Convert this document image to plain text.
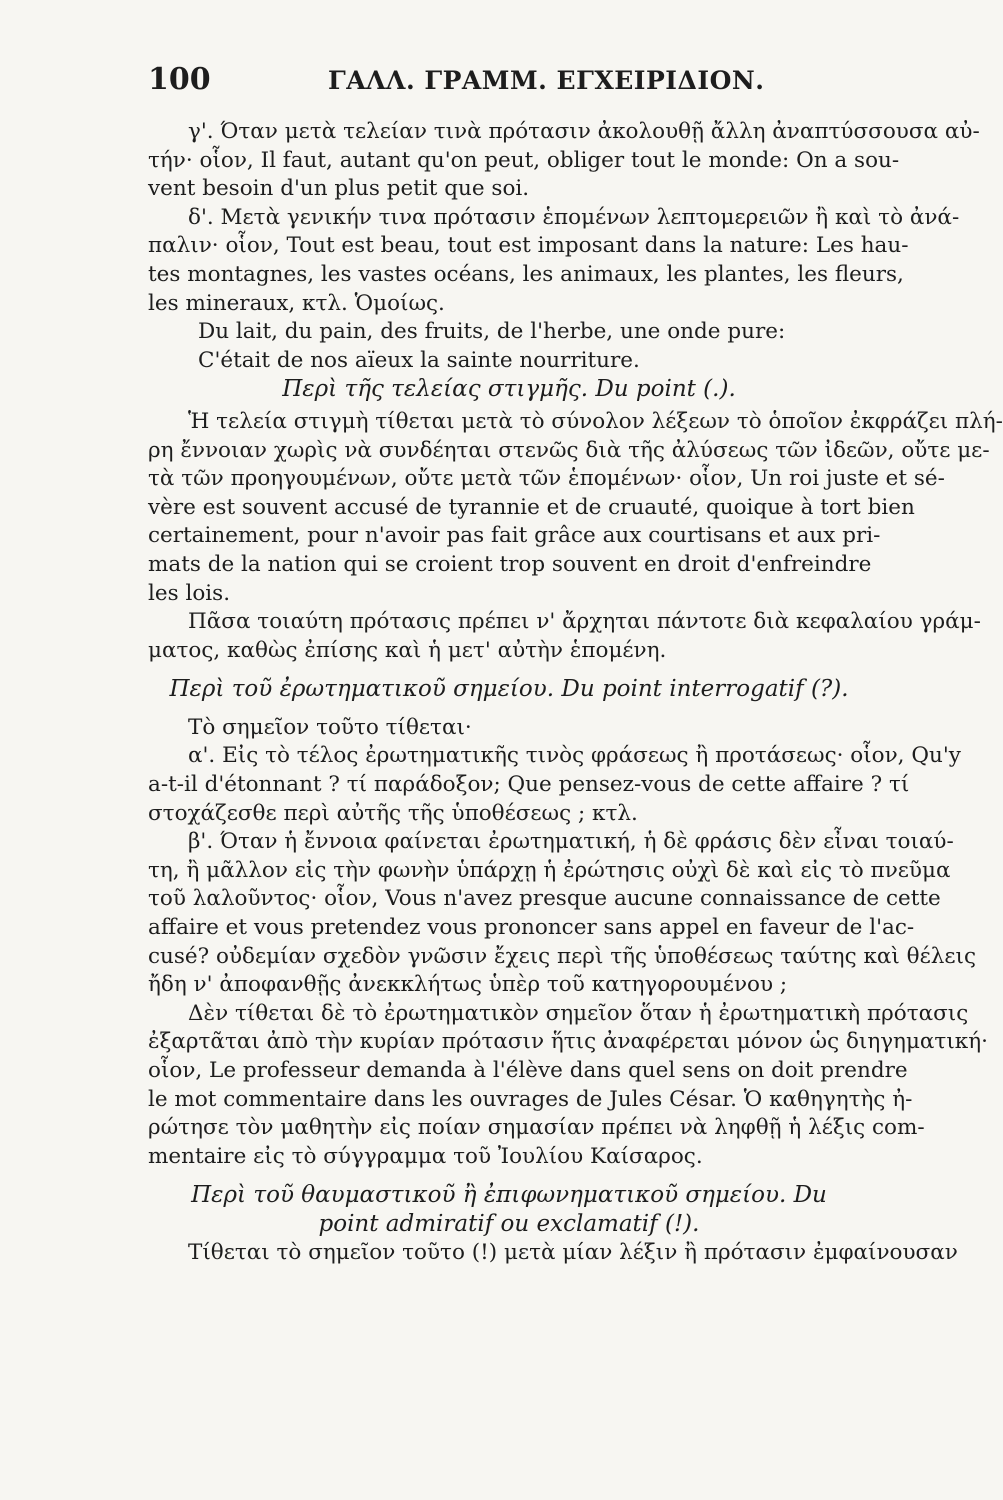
100	ΓΑΛΛ. ΓΡΑΜΜ. ΕΓΧΕΙΡΙΔΙΟΝ.
γ'. Όταν μετὰ τελείαν τινὰ πρότασιν ἀκολουθῇ ἄλλη ἀναπτύσσουσα αὐ-
τήν· οἷον, Il faut, autant qu'on peut, obliger tout le monde: On a sou-
vent besoin d'un plus petit que soi.
δ'. Μετὰ γενικήν τινα πρότασιν ἑπομένων λεπτομερειῶν ἢ καὶ τὸ ἀνά-
παλιν· οἷον, Tout est beau, tout est imposant dans la nature: Les hau-
tes montagnes, les vastes océans, les animaux, les plantes, les fleurs,
les mineraux, κτλ. Ὁμοίως.
Du lait, du pain, des fruits, de l'herbe, une onde pure:
C'était de nos aïeux la sainte nourriture.
Περὶ τῆς τελείας στιγμῆς. Du point (.).
Ἡ τελεία στιγμὴ τίθεται μετὰ τὸ σύνολον λέξεων τὸ ὁποῖον ἐκφράζει πλή-
ρη ἔννοιαν χωρὶς νὰ συνδέηται στενῶς διὰ τῆς ἀλύσεως τῶν ἰδεῶν, οὔτε με-
τὰ τῶν προηγουμένων, οὔτε μετὰ τῶν ἑπομένων· οἷον, Un roi juste et sé-
vère est souvent accusé de tyrannie et de cruauté, quoique à tort bien
certainement, pour n'avoir pas fait grâce aux courtisans et aux pri-
mats de la nation qui se croient trop souvent en droit d'enfreindre
les lois.
Πᾶσα τοιαύτη πρότασις πρέπει ν' ἄρχηται πάντοτε διὰ κεφαλαίου γράμ-
ματος, καθὼς ἐπίσης καὶ ἡ μετ' αὐτὴν ἑπομένη.
Περὶ τοῦ ἐρωτηματικοῦ σημείου. Du point interrogatif (?).
Τὸ σημεῖον τοῦτο τίθεται·
α'. Εἰς τὸ τέλος ἐρωτηματικῆς τινὸς φράσεως ἢ προτάσεως· οἷον, Qu'y
a-t-il d'étonnant ? τί παράδοξον; Que pensez-vous de cette affaire ? τί
στοχάζεσθε περὶ αὐτῆς τῆς ὑποθέσεως ; κτλ.
β'. Όταν ἡ ἔννοια φαίνεται ἐρωτηματική, ἡ δὲ φράσις δὲν εἶναι τοιαύ-
τη, ἢ μᾶλλον εἰς τὴν φωνὴν ὑπάρχῃ ἡ ἐρώτησις οὐχὶ δὲ καὶ εἰς τὸ πνεῦμα
τοῦ λαλοῦντος· οἷον, Vous n'avez presque aucune connaissance de cette
affaire et vous pretendez vous prononcer sans appel en faveur de l'ac-
cusé? οὐδεμίαν σχεδὸν γνῶσιν ἔχεις περὶ τῆς ὑποθέσεως ταύτης καὶ θέλεις
ἤδη ν' ἀποφανθῇς ἀνεκκλήτως ὑπὲρ τοῦ κατηγορουμένου ;
Δὲν τίθεται δὲ τὸ ἐρωτηματικὸν σημεῖον ὅταν ἡ ἐρωτηματικὴ πρότασις
ἐξαρτᾶται ἀπὸ τὴν κυρίαν πρότασιν ἥτις ἀναφέρεται μόνον ὡς διηγηματική·
οἷον, Le professeur demanda à l'élève dans quel sens on doit prendre
le mot commentaire dans les ouvrages de Jules César. Ὁ καθηγητὴς ἠ-
ρώτησε τὸν μαθητὴν εἰς ποίαν σημασίαν πρέπει νὰ ληφθῇ ἡ λέξις com-
mentaire εἰς τὸ σύγγραμμα τοῦ Ἰουλίου Καίσαρος.
Περὶ τοῦ θαυμαστικοῦ ἢ ἐπιφωνηματικοῦ σημείου. Du
point admiratif ou exclamatif (!).
Τίθεται τὸ σημεῖον τοῦτο (!) μετὰ μίαν λέξιν ἢ πρότασιν ἐμφαίνουσαν
